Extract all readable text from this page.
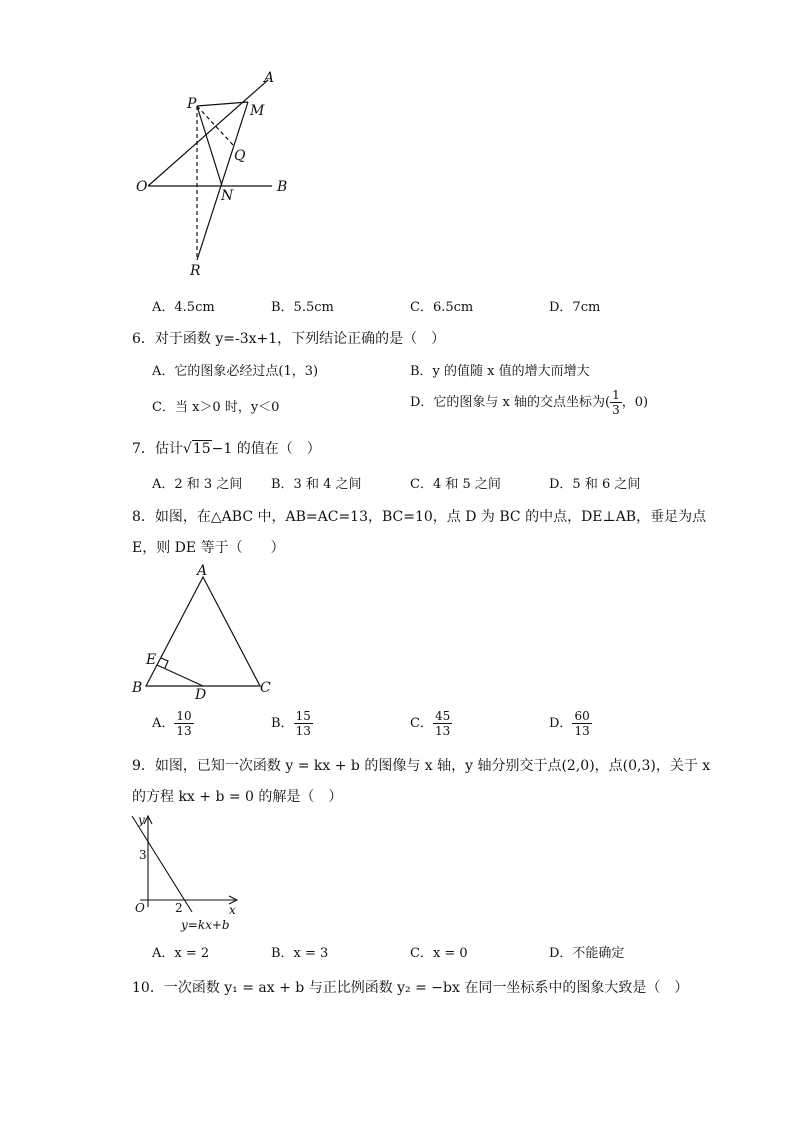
A
P	M
Q
O
N
B
R
A．4.5cm	B．5.5cm	C．6.5cm	D．7cm
6．对于函数 y=-3x+1，下列结论正确的是（　）
A．它的图象必经过点(1，3)	B．y 的值随 x 值的增大而增大
C．当 x＞0 时，y＜0	D．它的图象与 x 轴的交点坐标为( $\frac{1}{3}$ ，0)
7．估计√15−1 的值在（　）
A．2 和 3 之间 B．3 和 4 之间	C．4 和 5 之间	D．5 和 6 之间
8．如图，在△ABC 中，AB=AC=13，BC=10，点 D 为 BC 的中点，DE⊥AB，垂足为点
E，则 DE 等于（　　）
A
E
B	D	C
A． $\frac{10}{13}$	B． $\frac{15}{13}$	C． $\frac{45}{13}$	D． $\frac{60}{13}$
9．如图，已知一次函数 y = kx + b 的图像与 x 轴，y 轴分别交于点(2,0)，点(0,3)，关于 x
的方程 kx + b = 0 的解是（　）
y
x
O
3
2
y=kx+b
A．x = 2	B．x = 3	C．x = 0	D．不能确定
10．一次函数 y₁ = ax + b 与正比例函数 y₂ = −bx 在同一坐标系中的图象大致是（　）
